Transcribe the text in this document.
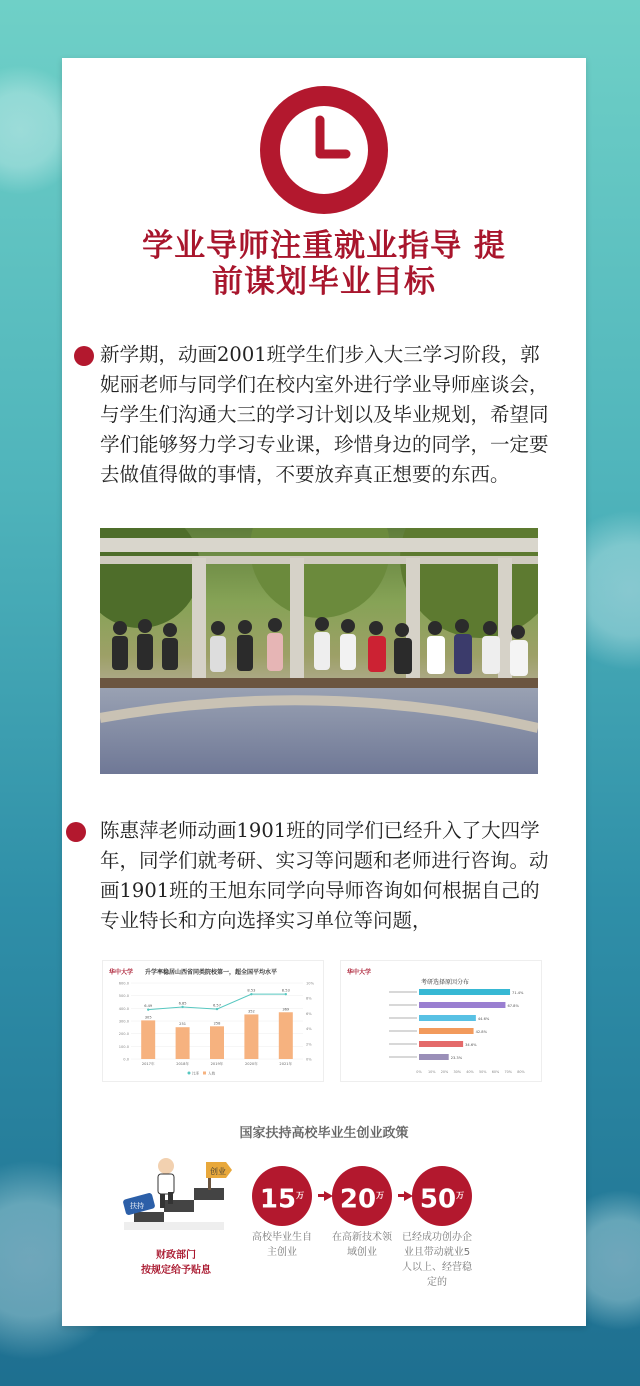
学业导师注重就业指导 提
前谋划毕业目标
新学期，动画2001班学生们步入大三学习阶段，郭妮丽老师与同学们在校内室外进行学业导师座谈会，与学生们沟通大三的学习计划以及毕业规划，希望同学们能够努力学习专业课，珍惜身边的同学，一定要去做值得做的事情，不要放弃真正想要的东西。
陈惠萍老师动画1901班的同学们已经升入了大四学年，同学们就考研、实习等问题和老师进行咨询。动画1901班的王旭东同学向导师咨询如何根据自己的专业特长和方向选择实习单位等问题，
华中大学 升学率稳居山西省同类院校第一，超全国平均水平
0.0
100.0
200.0
300.0
400.0
500.0
600.0
0%
2%
4%
6%
8%
10%
305
2017年
251
2018年
258
2019年
352
2020年
369
2021年
6.49
6.85
6.57
8.53	8.53
比率 人数
华中大学
考研选择原因分布
71.4%
67.8%
44.6%
42.8%
34.6%
23.3%
0% 10% 20% 30% 40% 50% 60% 70% 80%
国家扶持高校毕业生创业政策
创业
扶持
财政部门
按规定给予贴息
$15^万$	$20^万$	$50^万$
高校毕业生自主创业
在高新技术领域创业
已经成功创办企业且带动就业5人以上、经营稳定的
